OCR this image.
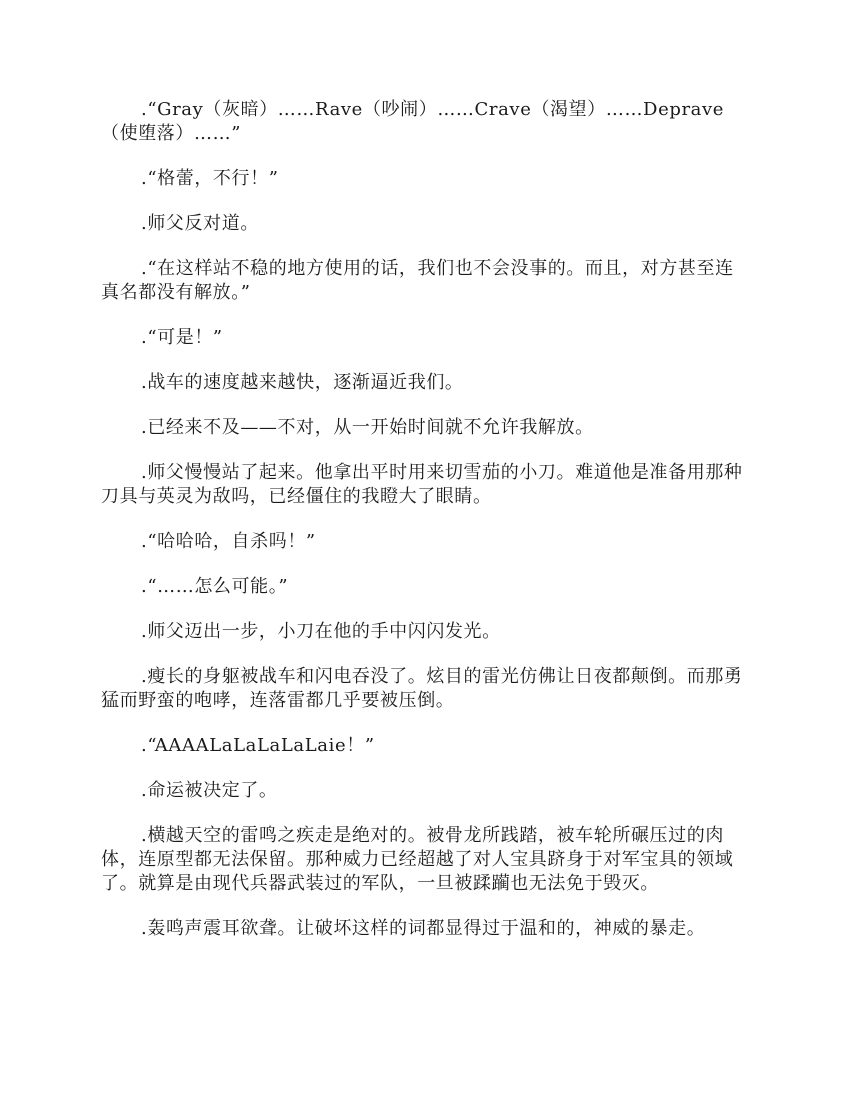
.“Gray（灰暗）……Rave（吵闹）……Crave（渴望）……Deprave（使堕落）……”

.“格蕾，不行！”

.师父反对道。

.“在这样站不稳的地方使用的话，我们也不会没事的。而且，对方甚至连真名都没有解放。”

.“可是！”

.战车的速度越来越快，逐渐逼近我们。

.已经来不及——不对，从一开始时间就不允许我解放。

.师父慢慢站了起来。他拿出平时用来切雪茄的小刀。难道他是准备用那种刀具与英灵为敌吗，已经僵住的我瞪大了眼睛。

.“哈哈哈，自杀吗！”

.“……怎么可能。”

.师父迈出一步，小刀在他的手中闪闪发光。

.瘦长的身躯被战车和闪电吞没了。炫目的雷光仿佛让日夜都颠倒。而那勇猛而野蛮的咆哮，连落雷都几乎要被压倒。

.“AAAALaLaLaLaLaie！”

.命运被决定了。

.横越天空的雷鸣之疾走是绝对的。被骨龙所践踏，被车轮所碾压过的肉体，连原型都无法保留。那种威力已经超越了对人宝具跻身于对军宝具的领域了。就算是由现代兵器武装过的军队，一旦被蹂躏也无法免于毁灭。

.轰鸣声震耳欲聋。让破坏这样的词都显得过于温和的，神威的暴走。
